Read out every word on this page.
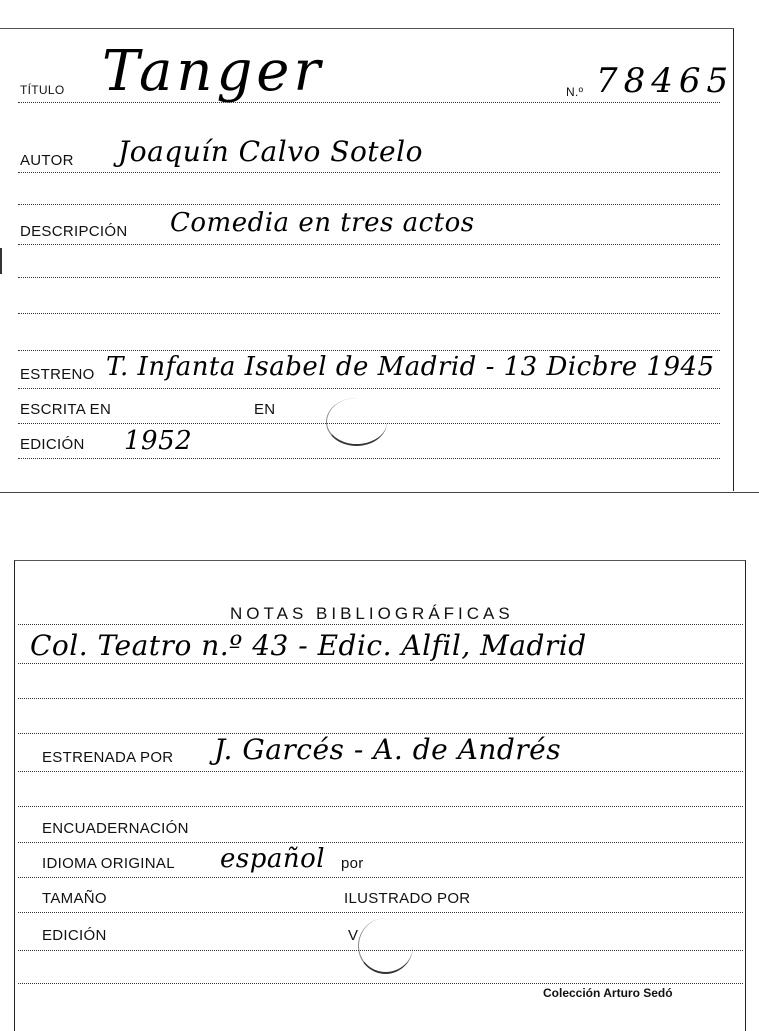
TÍTULO Tanger	N.º 78465
AUTOR Joaquín Calvo Sotelo
DESCRIPCIÓN Comedia en tres actos
ESTRENO T. Infanta Isabel de Madrid - 13 Dicbre 1945
ESCRITA EN	EN
EDICIÓN 1952
NOTAS BIBLIOGRÁFICAS
Col. Teatro n.º 43 - Edic. Alfil, Madrid
ESTRENADA POR J. Garcés - A. de Andrés
ENCUADERNACIÓN
IDIOMA ORIGINAL español por
TAMAÑO	ILUSTRADO POR
EDICIÓN	V
Colección Arturo Sedó
